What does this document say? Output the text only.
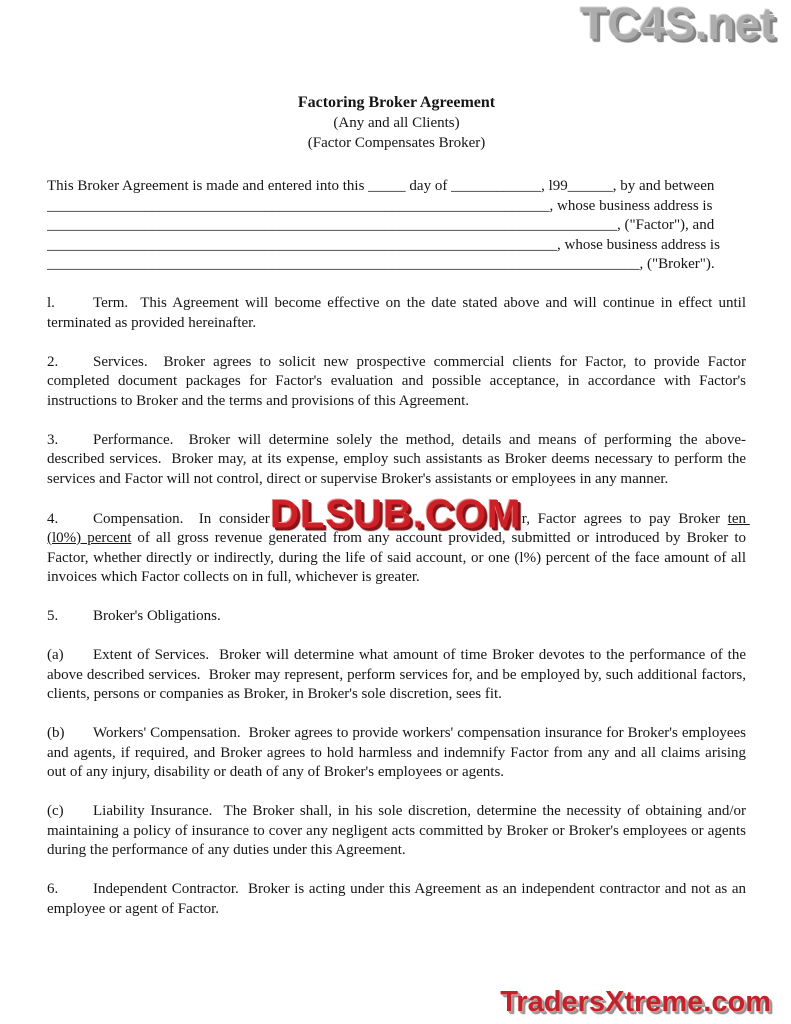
TC4S.net
Factoring Broker Agreement
(Any and all Clients)
(Factor Compensates Broker)
This Broker Agreement is made and entered into this _____ day of ____________, l99______, by and between
___________________________________________________________________, whose business address is
____________________________________________________________________________, ("Factor"), and
____________________________________________________________________, whose business address is
_______________________________________________________________________________, ("Broker").

l.	Term.  This Agreement will become effective on the date stated above and will continue in effect until terminated as provided hereinafter.

2. Services.  Broker agrees to solicit new prospective commercial clients for Factor, to provide Factor completed document packages for Factor's evaluation and possible acceptance, in accordance with Factor's instructions to Broker and the terms and provisions of this Agreement.

3. Performance.  Broker will determine solely the method, details and means of performing the above-described services.  Broker may, at its expense, employ such assistants as Broker deems necessary to perform the services and Factor will not control, direct or supervise Broker's assistants or employees in any manner.

4. Compensation.  In consider DLSUB.COM r, Factor agrees to pay Broker ten (l0%) percent of all gross revenue generated from any account provided, submitted or introduced by Broker to Factor, whether directly or indirectly, during the life of said account, or one (l%) percent of the face amount of all invoices which Factor collects on in full, whichever is greater.

5. Broker's Obligations.

(a) Extent of Services.  Broker will determine what amount of time Broker devotes to the performance of the above described services.  Broker may represent, perform services for, and be employed by, such additional factors, clients, persons or companies as Broker, in Broker's sole discretion, sees fit.

(b) Workers' Compensation.  Broker agrees to provide workers' compensation insurance for Broker's employees and agents, if required, and Broker agrees to hold harmless and indemnify Factor from any and all claims arising out of any injury, disability or death of any of Broker's employees or agents.

(c) Liability Insurance.  The Broker shall, in his sole discretion, determine the necessity of obtaining and/or maintaining a policy of insurance to cover any negligent acts committed by Broker or Broker's employees or agents during the performance of any duties under this Agreement.

6. Independent Contractor.  Broker is acting under this Agreement as an independent contractor and not as an employee or agent of Factor.

TradersXtreme.com
